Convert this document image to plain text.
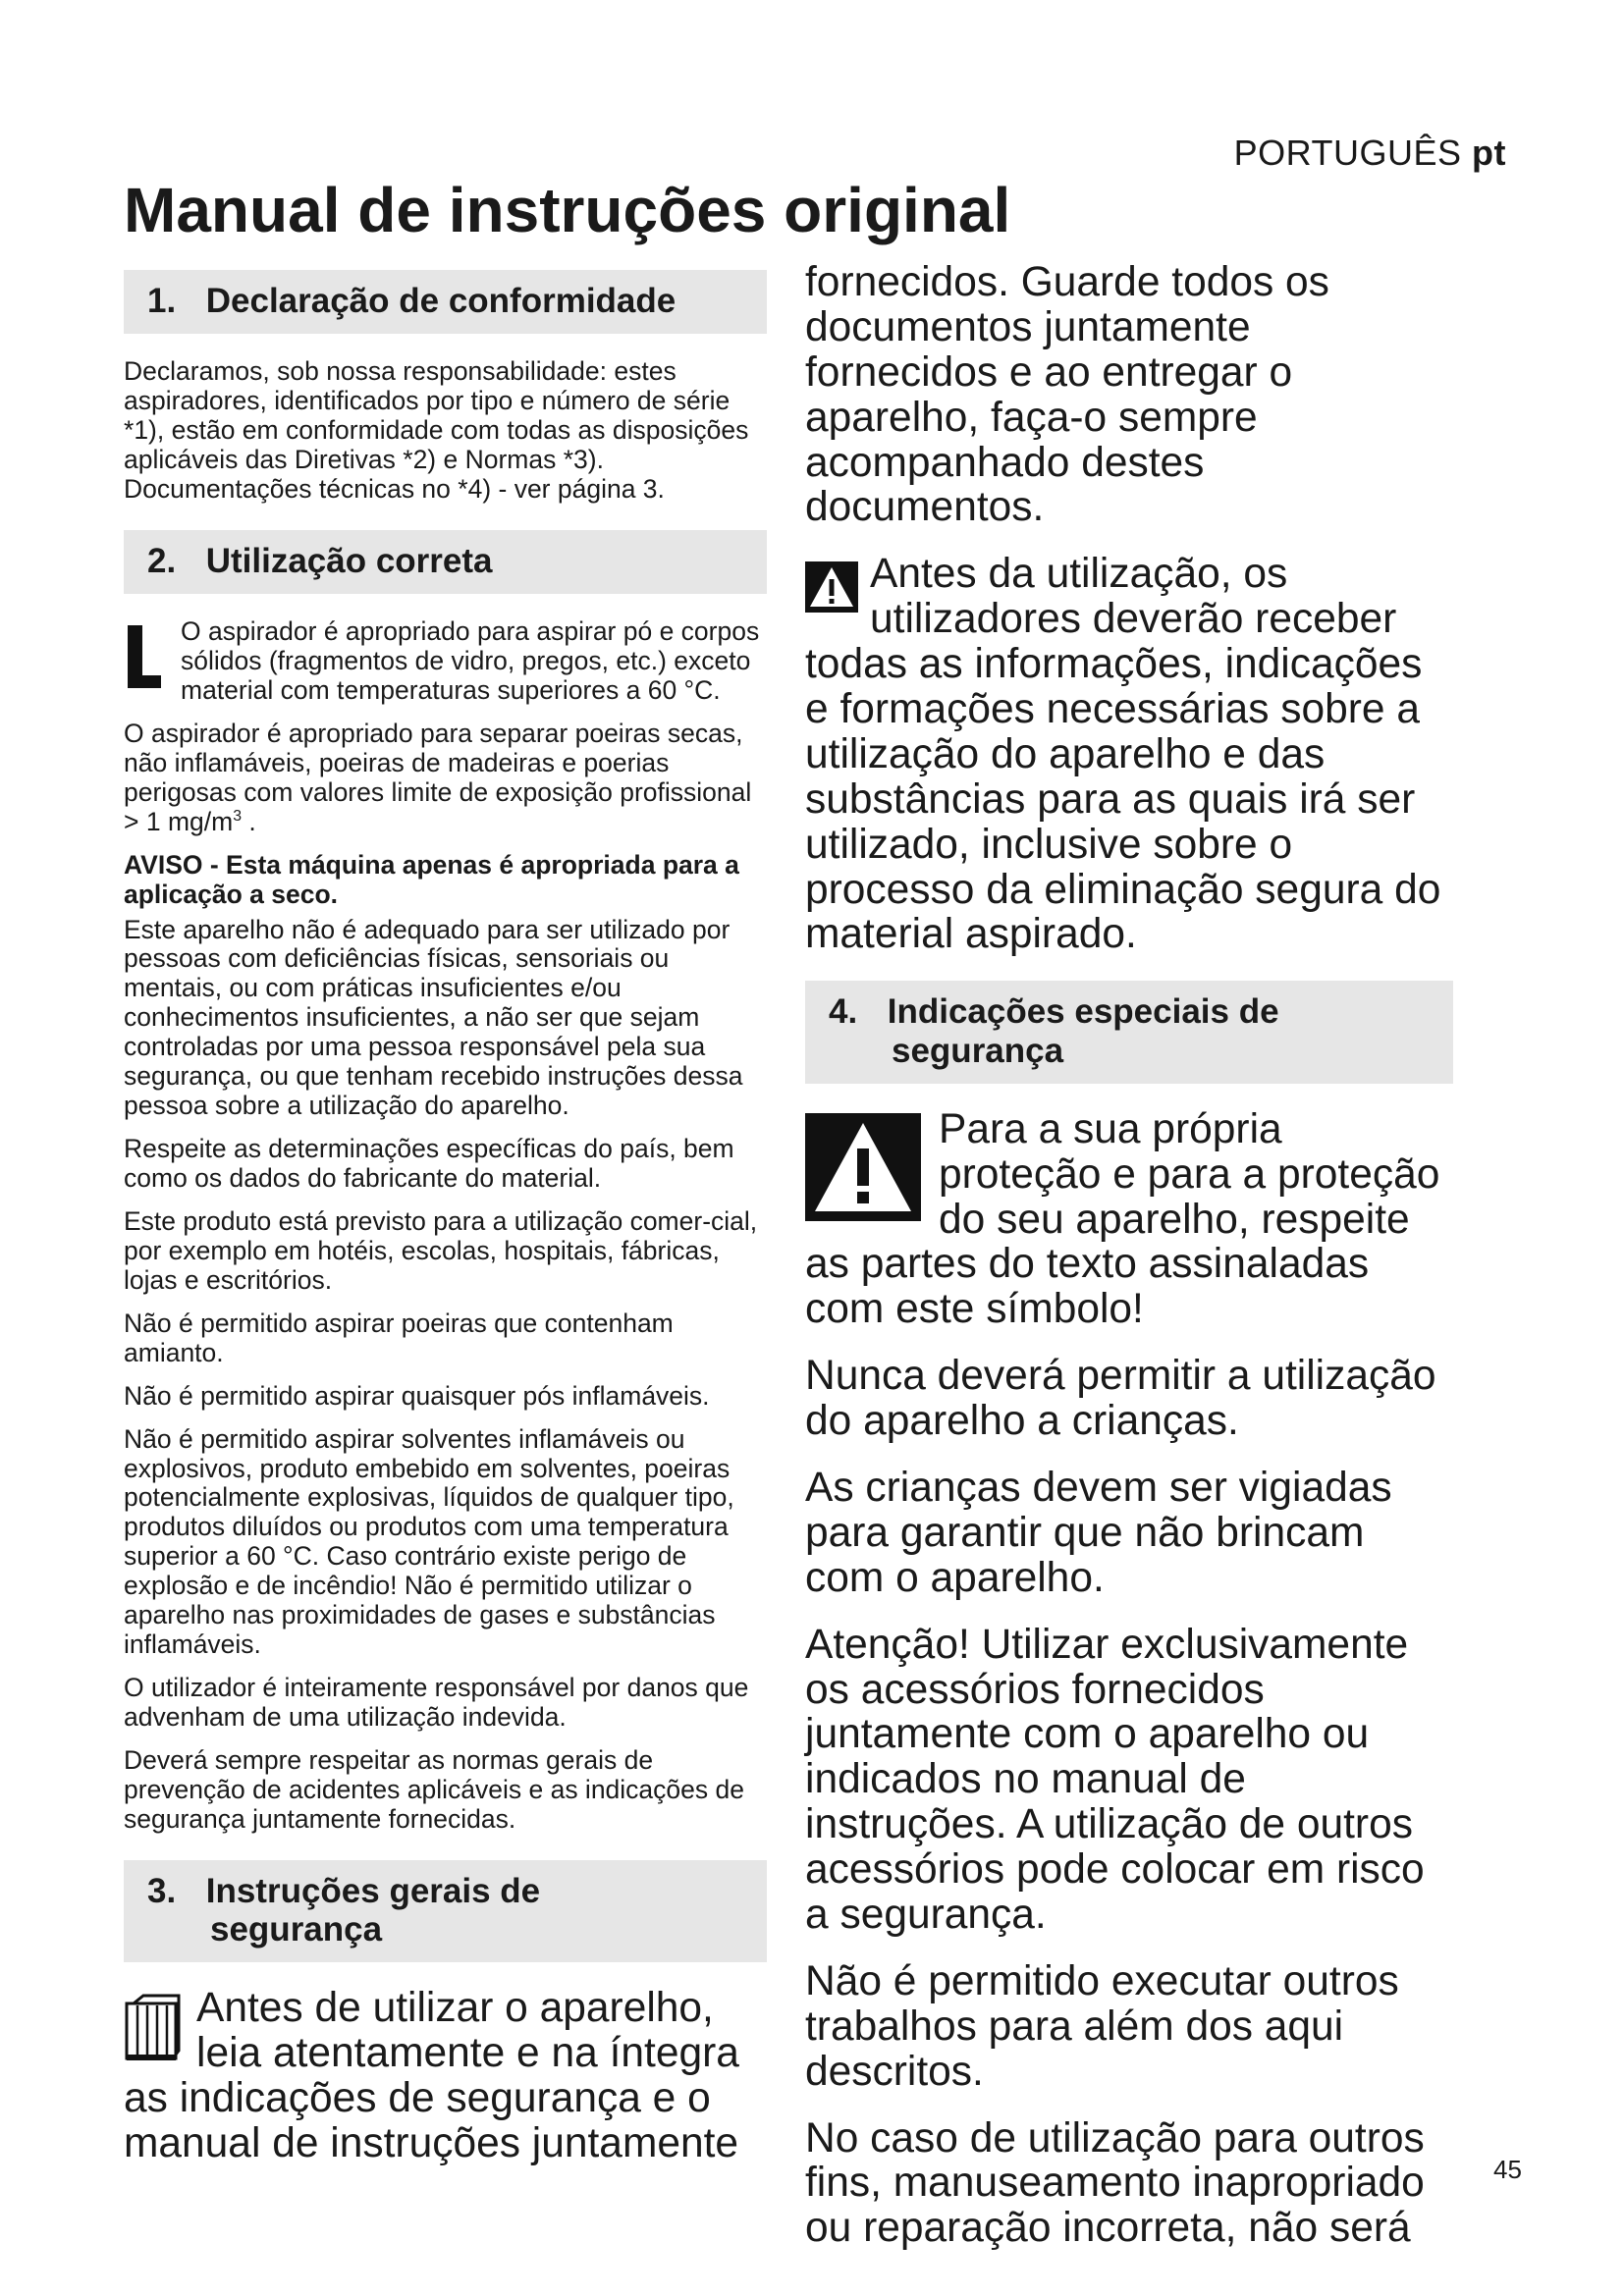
PORTUGUÊS pt
Manual de instruções original
1. Declaração de conformidade

Declaramos, sob nossa responsabilidade: estes aspiradores, identificados por tipo e número de série *1), estão em conformidade com todas as disposições aplicáveis das Diretivas *2) e Normas *3). Documentações técnicas no *4) - ver página 3.

2. Utilização correta

O aspirador é apropriado para aspirar pó e corpos sólidos (fragmentos de vidro, pregos, etc.) exceto material com temperaturas superiores a 60 °C.

O aspirador é apropriado para separar poeiras secas, não inflamáveis, poeiras de madeiras e poerias perigosas com valores limite de exposição profissional > 1 $mg/m^3$ .

AVISO - Esta máquina apenas é apropriada para a aplicação a seco.

Este aparelho não é adequado para ser utilizado por pessoas com deficiências físicas, sensoriais ou mentais, ou com práticas insuficientes e/ou conhecimentos insuficientes, a não ser que sejam controladas por uma pessoa responsável pela sua segurança, ou que tenham recebido instruções dessa pessoa sobre a utilização do aparelho.

Respeite as determinações específicas do país, bem como os dados do fabricante do material.

Este produto está previsto para a utilização comer-cial, por exemplo em hotéis, escolas, hospitais, fábricas, lojas e escritórios.

Não é permitido aspirar poeiras que contenham amianto.

Não é permitido aspirar quaisquer pós inflamáveis.

Não é permitido aspirar solventes inflamáveis ou explosivos, produto embebido em solventes, poeiras potencialmente explosivas, líquidos de qualquer tipo, produtos diluídos ou produtos com uma temperatura superior a 60 °C. Caso contrário existe perigo de explosão e de incêndio! Não é permitido utilizar o aparelho nas proximidades de gases e substâncias inflamáveis.

O utilizador é inteiramente responsável por danos que advenham de uma utilização indevida.

Deverá sempre respeitar as normas gerais de prevenção de acidentes aplicáveis e as indicações de segurança juntamente fornecidas.

3. Instruções gerais de
segurança

Antes de utilizar o aparelho, leia atentamente e na íntegra as indicações de segurança e o manual de instruções juntamente

fornecidos. Guarde todos os documentos juntamente fornecidos e ao entregar o aparelho, faça-o sempre acompanhado destes documentos.

Antes da utilização, os utilizadores deverão receber todas as informações, indicações e formações necessárias sobre a utilização do aparelho e das substâncias para as quais irá ser utilizado, inclusive sobre o processo da eliminação segura do material aspirado.

4. Indicações especiais de
segurança

Para a sua própria proteção e para a proteção do seu aparelho, respeite as partes do texto assinaladas com este símbolo!

Nunca deverá permitir a utilização do aparelho a crianças.

As crianças devem ser vigiadas para garantir que não brincam com o aparelho.

Atenção! Utilizar exclusivamente os acessórios fornecidos juntamente com o aparelho ou indicados no manual de instruções. A utilização de outros acessórios pode colocar em risco a segurança.

Não é permitido executar outros trabalhos para além dos aqui descritos.

No caso de utilização para outros fins, manuseamento inapropriado ou reparação incorreta, não será

45
